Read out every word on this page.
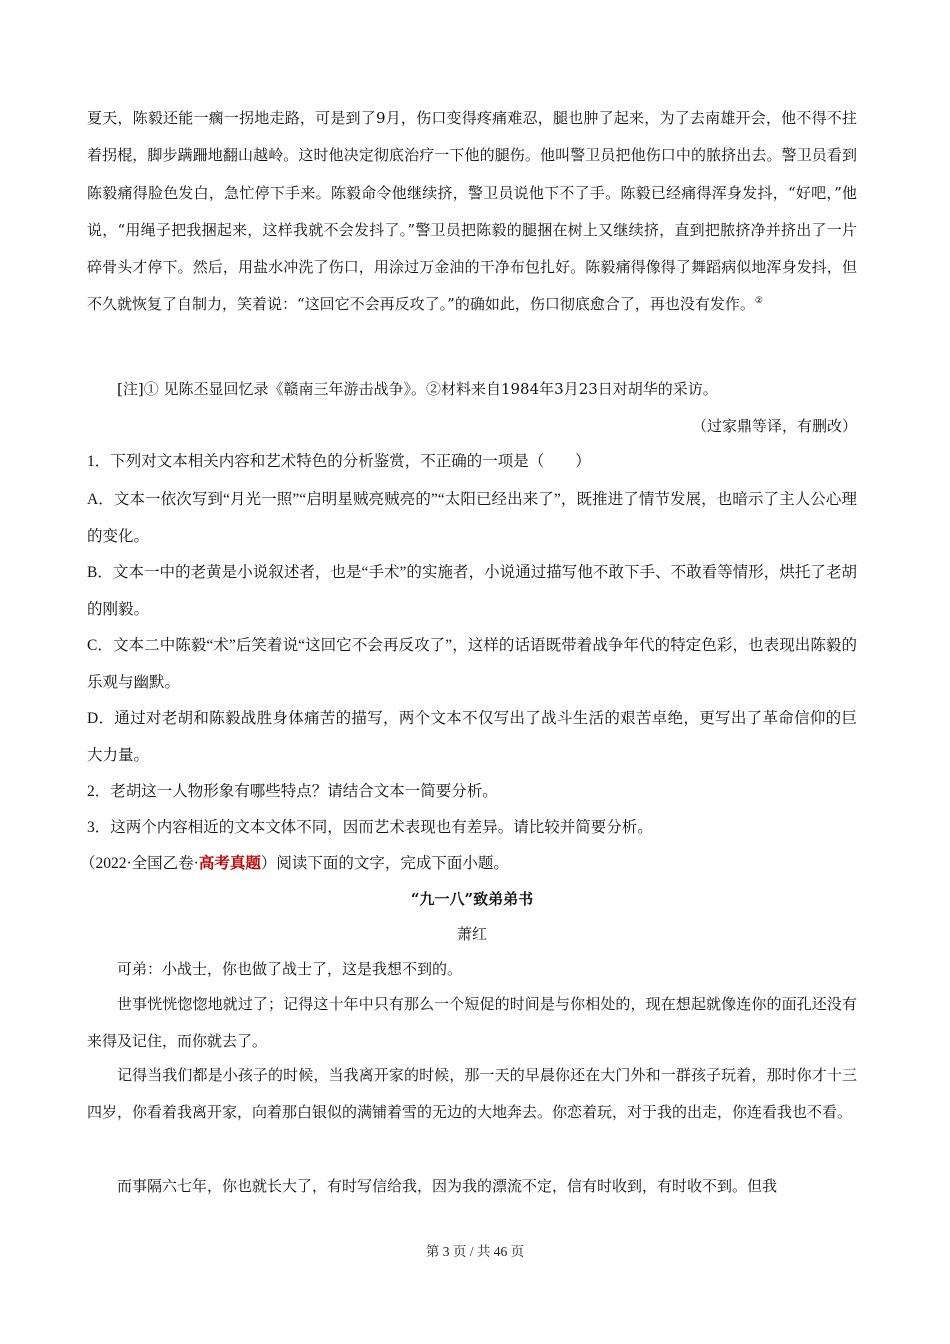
夏天，陈毅还能一瘸一拐地走路，可是到了9月，伤口变得疼痛难忍，腿也肿了起来，为了去南雄开会，他不得不拄着拐棍，脚步蹒跚地翻山越岭。这时他决定彻底治疗一下他的腿伤。他叫警卫员把他伤口中的脓挤出去。警卫员看到陈毅痛得脸色发白，急忙停下手来。陈毅命令他继续挤，警卫员说他下不了手。陈毅已经痛得浑身发抖，“好吧，”他说，“用绳子把我捆起来，这样我就不会发抖了。”警卫员把陈毅的腿捆在树上又继续挤，直到把脓挤净并挤出了一片碎骨头才停下。然后，用盐水冲洗了伤口，用涂过万金油的干净布包扎好。陈毅痛得像得了舞蹈病似地浑身发抖，但不久就恢复了自制力，笑着说：“这回它不会再反攻了。”的确如此，伤口彻底愈合了，再也没有发作。②
[注]① 见陈丕显回忆录《赣南三年游击战争》。②材料来自1984年3月23日对胡华的采访。
（过家鼎等译，有删改）
1．下列对文本相关内容和艺术特色的分析鉴赏，不正确的一项是（　　）
A．文本一依次写到“月光一照”“启明星贼亮贼亮的”“太阳已经出来了”，既推进了情节发展，也暗示了主人公心理的变化。
B．文本一中的老黄是小说叙述者，也是“手术”的实施者，小说通过描写他不敢下手、不敢看等情形，烘托了老胡的刚毅。
C．文本二中陈毅“术”后笑着说“这回它不会再反攻了”，这样的话语既带着战争年代的特定色彩，也表现出陈毅的乐观与幽默。
D．通过对老胡和陈毅战胜身体痛苦的描写，两个文本不仅写出了战斗生活的艰苦卓绝，更写出了革命信仰的巨大力量。
2．老胡这一人物形象有哪些特点？请结合文本一简要分析。
3．这两个内容相近的文本文体不同，因而艺术表现也有差异。请比较并简要分析。
（2022·全国乙卷·高考真题）阅读下面的文字，完成下面小题。
“九一八”致弟弟书
萧红
可弟：小战士，你也做了战士了，这是我想不到的。
世事恍恍惚惚地就过了；记得这十年中只有那么一个短促的时间是与你相处的，现在想起就像连你的面孔还没有来得及记住，而你就去了。
记得当我们都是小孩子的时候，当我离开家的时候，那一天的早晨你还在大门外和一群孩子玩着，那时你才十三四岁，你看着我离开家，向着那白银似的满铺着雪的无边的大地奔去。你恋着玩，对于我的出走，你连看我也不看。
而事隔六七年，你也就长大了，有时写信给我，因为我的漂流不定，信有时收到，有时收不到。但我
第 3 页 / 共 46 页
